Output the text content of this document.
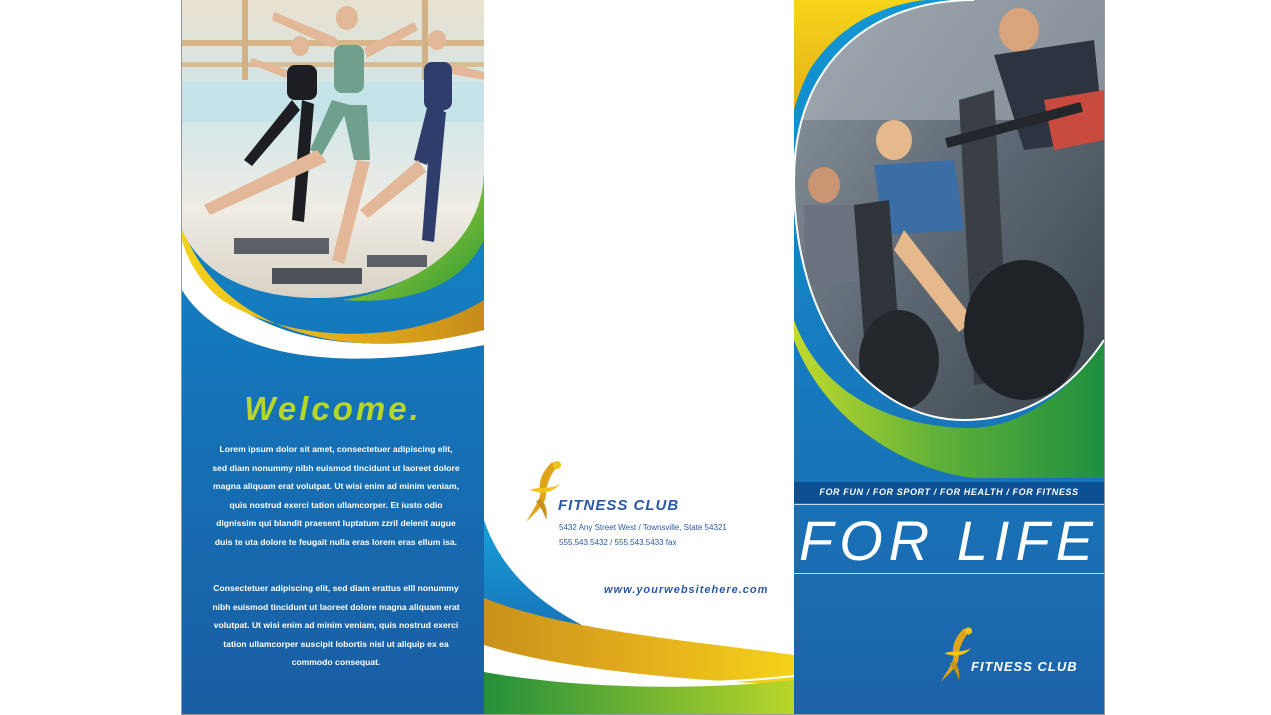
Welcome.
Lorem ipsum dolor sit amet, consectetuer adipiscing elit, sed diam nonummy nibh euismod tincidunt ut laoreet dolore magna aliquam erat volutpat. Ut wisi enim ad minim veniam, quis nostrud exerci tation ullamcorper. Et iusto odio dignissim qui blandit praesent luptatum zzril delenit augue duis te uta dolore te feugait nulla eras lorem eras ellum isa.
Consectetuer adipiscing elit, sed diam erattus elll nonummy nibh euismod tincidunt ut laoreet dolore magna aliquam erat volutpat. Ut wisi enim ad minim veniam, quis nostrud exerci tation ullamcorper suscipit lobortis nisl ut aliquip ex ea commodo consequat.
FITNESS CLUB
5432 Any Street West / Townsville, State 54321
555.543.5432 / 555.543.5433 fax
www.yourwebsitehere.com
FOR FUN / FOR SPORT / FOR HEALTH / FOR FITNESS
FOR LIFE
FITNESS CLUB
